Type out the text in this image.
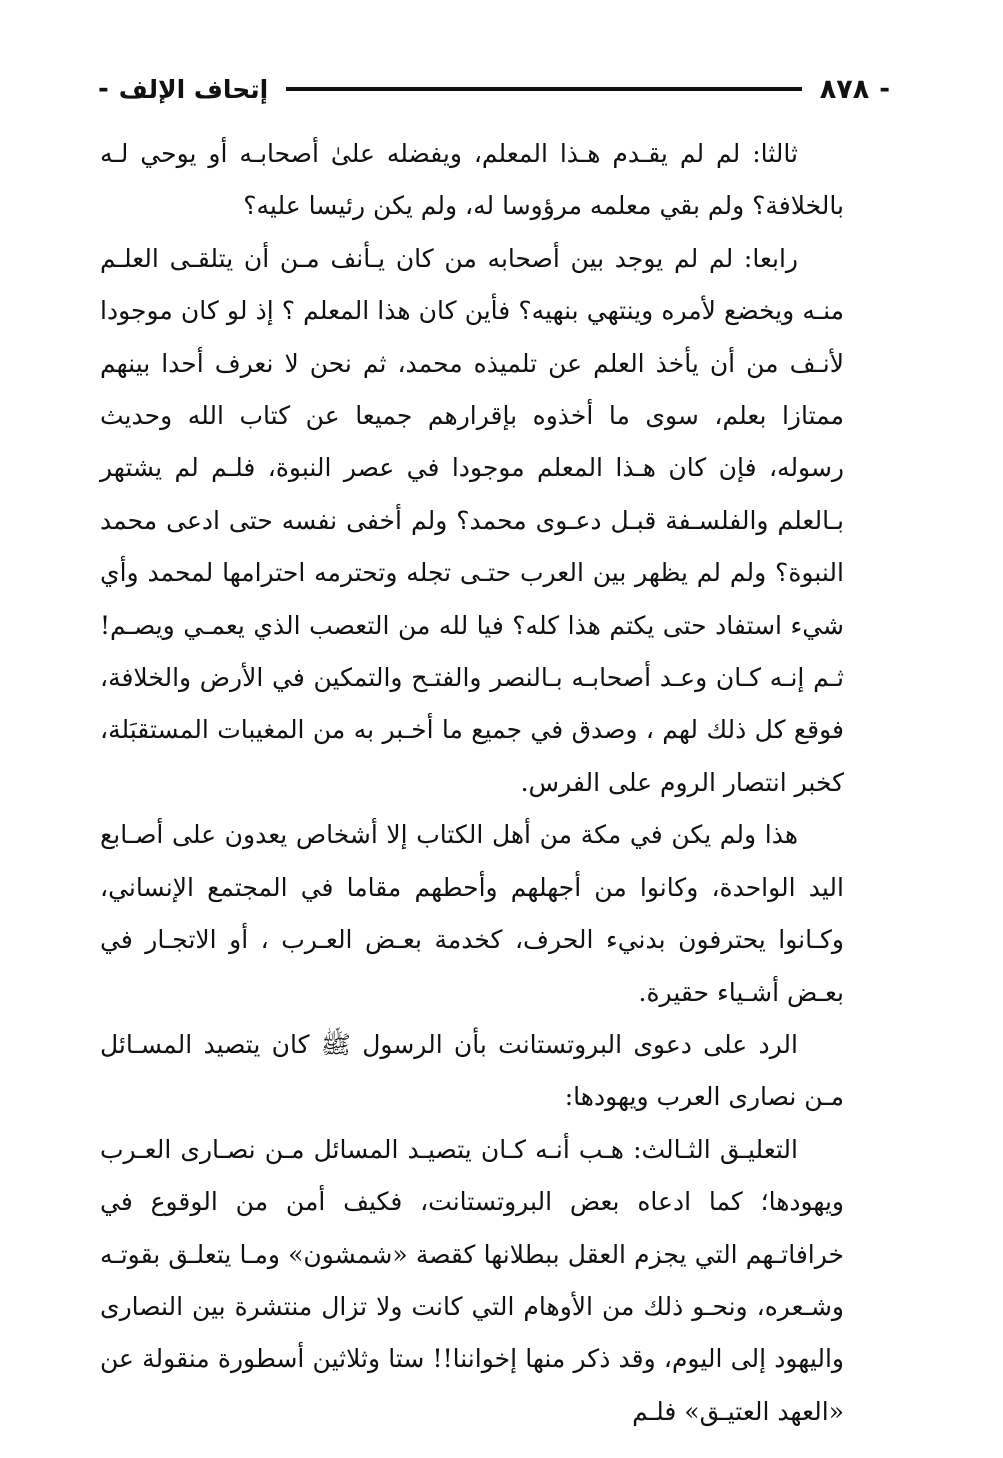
-
٨٧٨
إتحاف الإلف
-

ثالثا: لم لم يقـدم هـذا المعلم، ويفضله علىٰ أصحابـه أو يوحي لـه بالخلافة؟ ولم بقي معلمه مرؤوسا له، ولم يكن رئيسا عليه؟

رابعا: لم لم يوجد بين أصحابه من كان يـأنف مـن أن يتلقـى العلـم منـه ويخضع لأمره وينتهي بنهيه؟ فأين كان هذا المعلم ؟ إذ لو كان موجودا لأنـف من أن يأخذ العلم عن تلميذه محمد، ثم نحن لا نعرف أحدا بينهم ممتازا بعلم، سوى ما أخذوه بإقرارهم جميعا عن كتاب الله وحديث رسوله، فإن كان هـذا المعلم موجودا في عصر النبوة، فلـم لم يشتهر بـالعلم والفلسـفة قبـل دعـوى محمد؟ ولم أخفى نفسه حتى ادعى محمد النبوة؟ ولم لم يظهر بين العرب حتـى تجله وتحترمه احترامها لمحمد وأي شيء استفاد حتى يكتم هذا كله؟ فيا لله من التعصب الذي يعمـي ويصـم! ثـم إنـه كـان وعـد أصحابـه بـالنصر والفتـح والتمكين في الأرض والخلافة، فوقع كل ذلك لهم ، وصدق في جميع ما أخـبر به من المغيبات المستقبَلة، كخبر انتصار الروم على الفرس.

هذا ولم يكن في مكة من أهل الكتاب إلا أشخاص يعدون على أصـابع اليد الواحدة، وكانوا من أجهلهم وأحطهم مقاما في المجتمع الإنساني، وكـانوا يحترفون بدنيء الحرف، كخدمة بعـض العـرب ، أو الاتجـار في بعـض أشـياء حقيرة.

الرد على دعوى البروتستانت بأن الرسول ﷺ كان يتصيد المسـائل مـن نصارى العرب ويهودها:

التعليـق الثـالث: هـب أنـه كـان يتصيـد المسائل مـن نصـارى العـرب ويهودها؛ كما ادعاه بعض البروتستانت، فكيف أمن من الوقوع في خرافاتـهم التي يجزم العقل ببطلانها كقصة «شمشون» ومـا يتعلـق بقوتـه وشـعره، ونحـو ذلك من الأوهام التي كانت ولا تزال منتشرة بين النصارى واليهود إلى اليوم، وقد ذكر منها إخواننا!! ستا وثلاثين أسطورة منقولة عن «العهد العتيـق» فلـم
